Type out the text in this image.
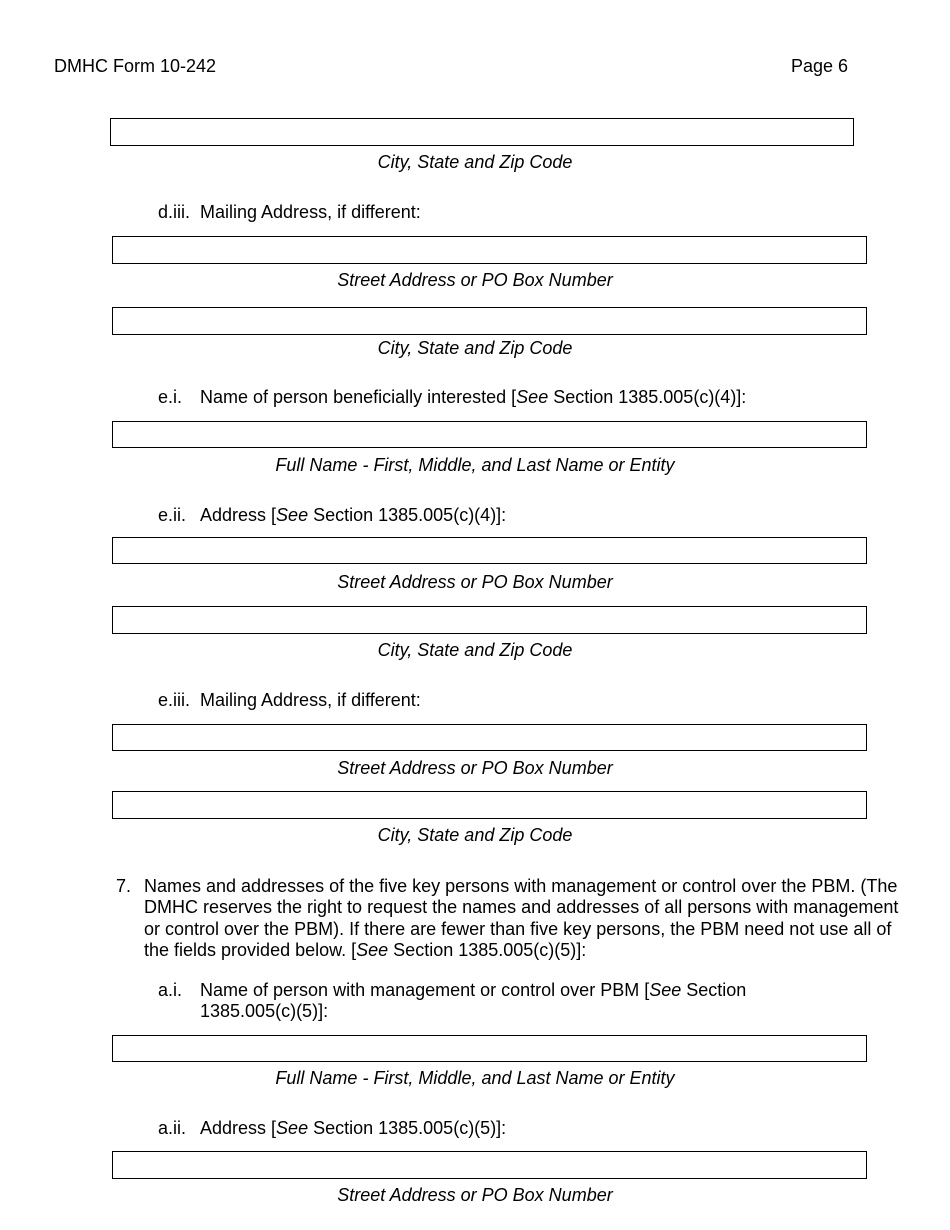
DMHC Form 10-242	Page 6
City, State and Zip Code
d.iii. Mailing Address, if different:
Street Address or PO Box Number
City, State and Zip Code
e.i. Name of person beneficially interested [See Section 1385.005(c)(4)]:
Full Name - First, Middle, and Last Name or Entity
e.ii. Address [See Section 1385.005(c)(4)]:
Street Address or PO Box Number
City, State and Zip Code
e.iii. Mailing Address, if different:
Street Address or PO Box Number
City, State and Zip Code
7. Names and addresses of the five key persons with management or control over the PBM. (The DMHC reserves the right to request the names and addresses of all persons with management or control over the PBM). If there are fewer than five key persons, the PBM need not use all of the fields provided below. [See Section 1385.005(c)(5)]:
a.i. Name of person with management or control over PBM [See Section 1385.005(c)(5)]:
Full Name - First, Middle, and Last Name or Entity
a.ii. Address [See Section 1385.005(c)(5)]:
Street Address or PO Box Number
